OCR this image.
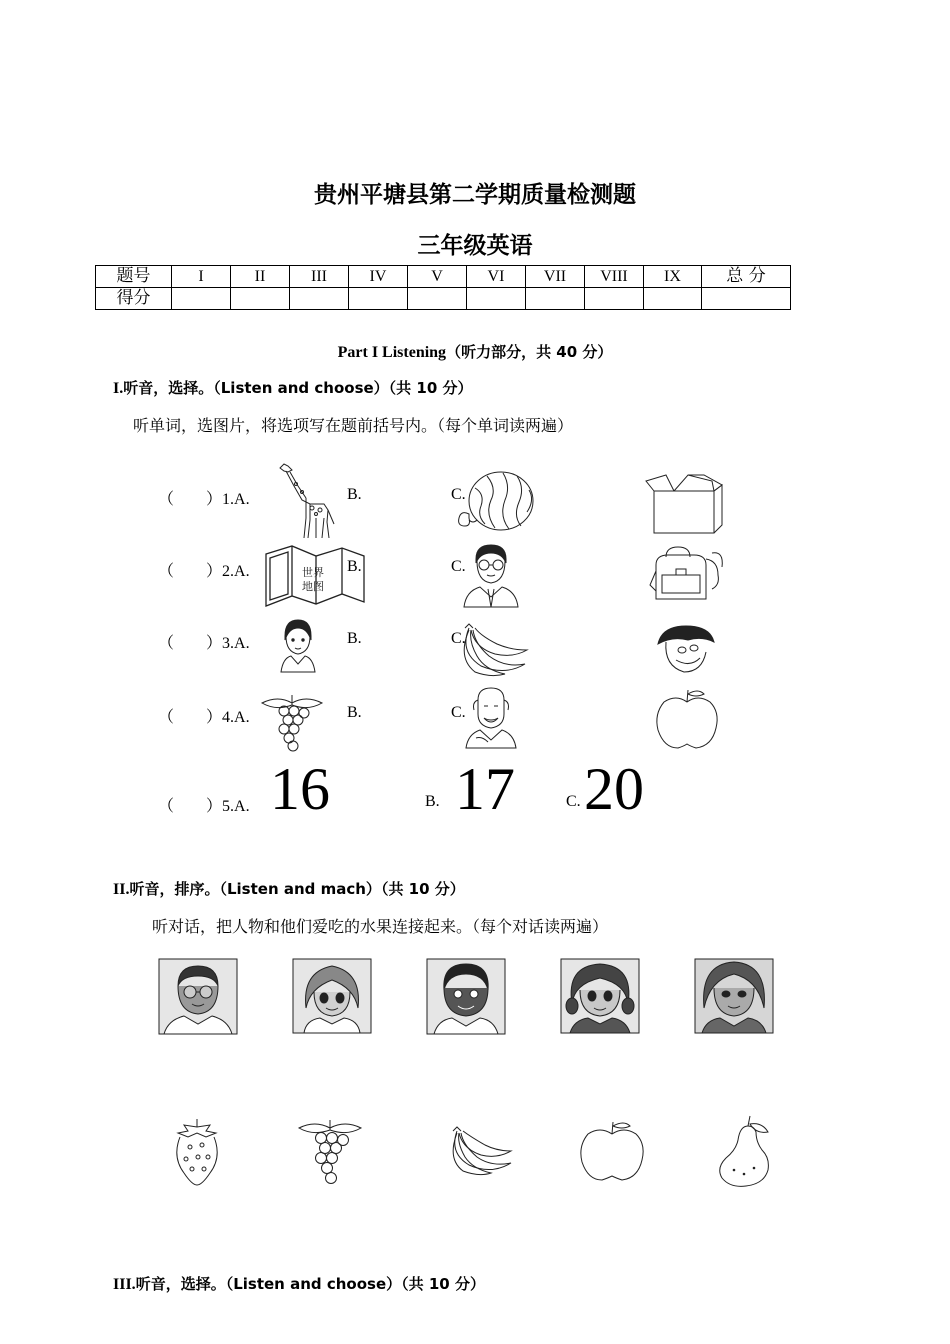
贵州平塘县第二学期质量检测题
三年级英语
题号	I	II	III	IV	V	VI	VII	VIII	IX	总 分
得分										
Part I Listening（听力部分，共 40 分）
I.听音，选择。（Listen and choose）（共 10 分）
听单词，选图片，将选项写在题前括号内。（每个单词读两遍）
（　　）1.A.	B.	C.
（　　）2.A.	B.	C.
（　　）3.A.	B.	C.
（　　）4.A.	B.	C.
（　　）5.A. 16	B. 17	C. 20
世界
地图
II.听音，排序。（Listen and mach）（共 10 分）
听对话，把人物和他们爱吃的水果连接起来。（每个对话读两遍）
III.听音，选择。（Listen and choose）（共 10 分）
